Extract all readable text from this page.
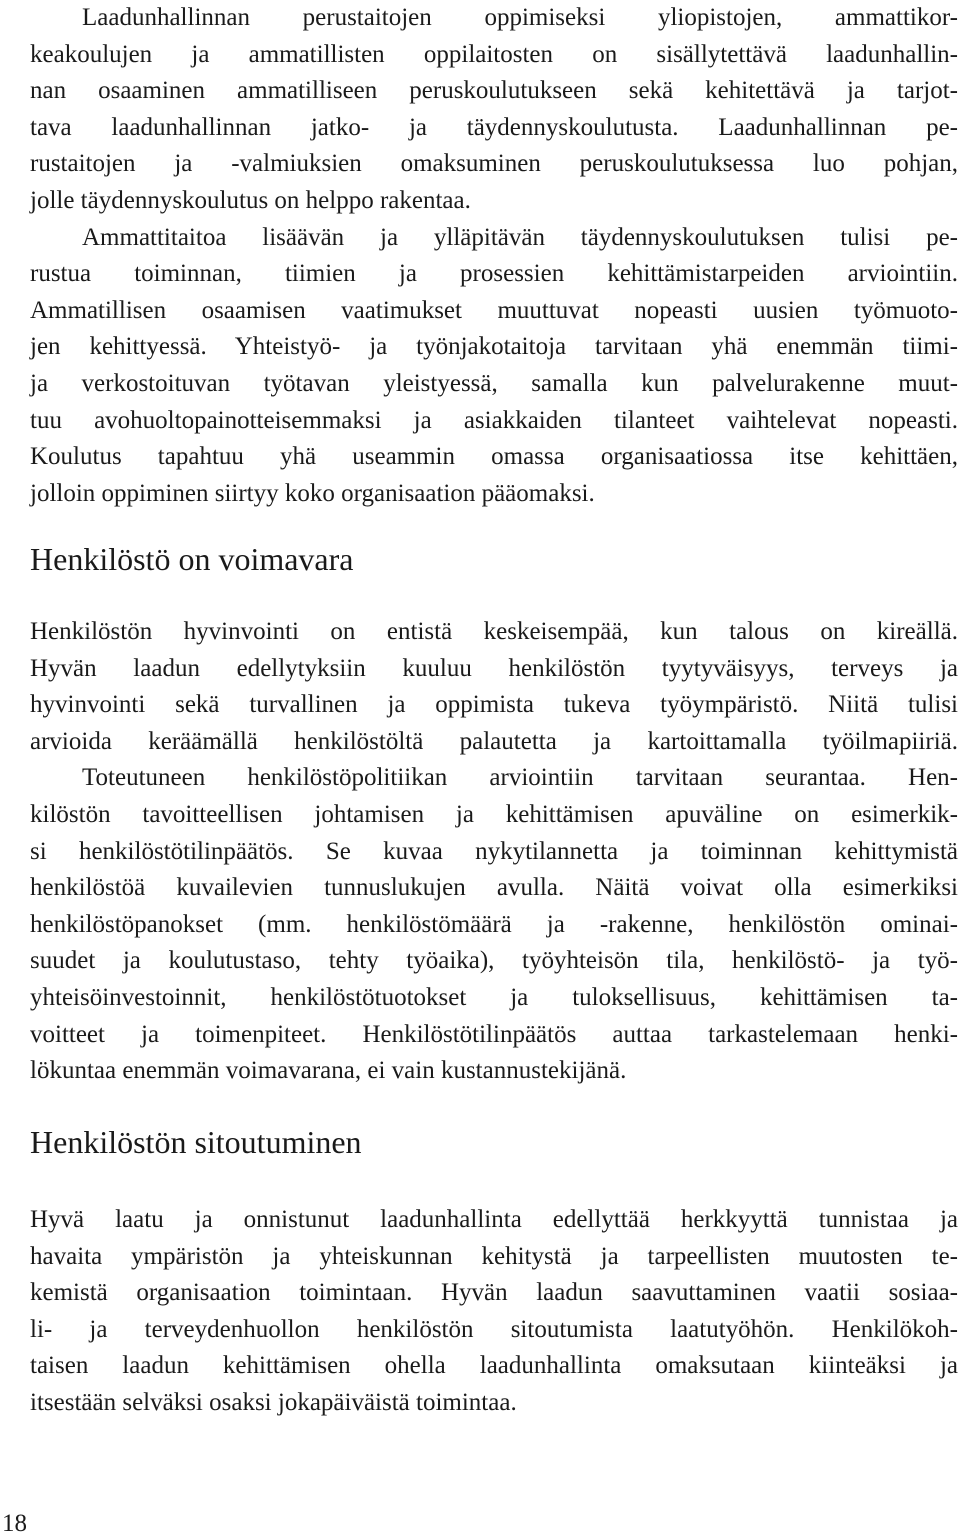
Laadunhallinnan perustaitojen oppimiseksi yliopistojen, ammattikor-
keakoulujen ja ammatillisten oppilaitosten on sisällytettävä laadunhallin-
nan osaaminen ammatilliseen peruskoulutukseen sekä kehitettävä ja tarjot-
tava laadunhallinnan jatko- ja täydennyskoulutusta. Laadunhallinnan pe-
rustaitojen ja -valmiuksien omaksuminen peruskoulutuksessa luo pohjan,
jolle täydennyskoulutus on helppo rakentaa.
Ammattitaitoa lisäävän ja ylläpitävän täydennyskoulutuksen tulisi pe-
rustua toiminnan, tiimien ja prosessien kehittämistarpeiden arviointiin.
Ammatillisen osaamisen vaatimukset muuttuvat nopeasti uusien työmuoto-
jen kehittyessä. Yhteistyö- ja työnjakotaitoja tarvitaan yhä enemmän tiimi-
ja verkostoituvan työtavan yleistyessä, samalla kun palvelurakenne muut-
tuu avohuoltopainotteisemmaksi ja asiakkaiden tilanteet vaihtelevat nopeasti.
Koulutus tapahtuu yhä useammin omassa organisaatiossa itse kehittäen,
jolloin oppiminen siirtyy koko organisaation pääomaksi.
Henkilöstö on voimavara
Henkilöstön hyvinvointi on entistä keskeisempää, kun talous on kireällä.
Hyvän laadun edellytyksiin kuuluu henkilöstön tyytyväisyys, terveys ja
hyvinvointi sekä turvallinen ja oppimista tukeva työympäristö. Niitä tulisi
arvioida keräämällä henkilöstöltä palautetta ja kartoittamalla työilmapiiriä.
Toteutuneen henkilöstöpolitiikan arviointiin tarvitaan seurantaa. Hen-
kilöstön tavoitteellisen johtamisen ja kehittämisen apuväline on esimerkik-
si henkilöstötilinpäätös. Se kuvaa nykytilannetta ja toiminnan kehittymistä
henkilöstöä kuvailevien tunnuslukujen avulla. Näitä voivat olla esimerkiksi
henkilöstöpanokset (mm. henkilöstömäärä ja -rakenne, henkilöstön ominai-
suudet ja koulutustaso, tehty työaika), työyhteisön tila, henkilöstö- ja työ-
yhteisöinvestoinnit, henkilöstötuotokset ja tuloksellisuus, kehittämisen ta-
voitteet ja toimenpiteet. Henkilöstötilinpäätös auttaa tarkastelemaan henki-
lökuntaa enemmän voimavarana, ei vain kustannustekijänä.
Henkilöstön sitoutuminen
Hyvä laatu ja onnistunut laadunhallinta edellyttää herkkyyttä tunnistaa ja
havaita ympäristön ja yhteiskunnan kehitystä ja tarpeellisten muutosten te-
kemistä organisaation toimintaan. Hyvän laadun saavuttaminen vaatii sosiaa-
li- ja terveydenhuollon henkilöstön sitoutumista laatutyöhön. Henkilökoh-
taisen laadun kehittämisen ohella laadunhallinta omaksutaan kiinteäksi ja
itsestään selväksi osaksi jokapäiväistä toimintaa.
18
